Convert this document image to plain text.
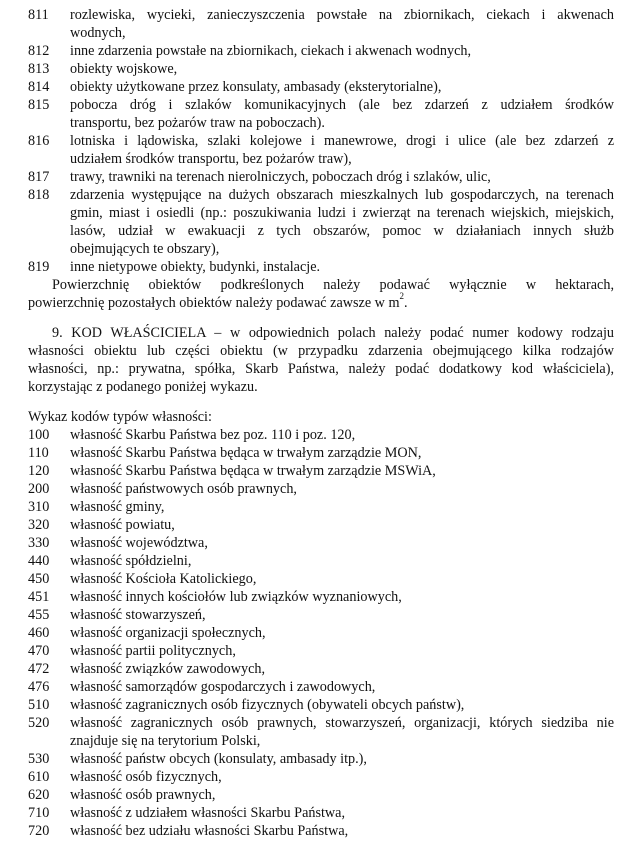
811 rozlewiska, wycieki, zanieczyszczenia powstałe na zbiornikach, ciekach i akwenach
wodnych,
812 inne zdarzenia powstałe na zbiornikach, ciekach i akwenach wodnych,
813 obiekty wojskowe,
814 obiekty użytkowane przez konsulaty, ambasady (eksterytorialne),
815 pobocza dróg i szlaków komunikacyjnych (ale bez zdarzeń z udziałem środków
transportu, bez pożarów traw na poboczach).
816 lotniska i lądowiska, szlaki kolejowe i manewrowe, drogi i ulice (ale bez zdarzeń z
udziałem środków transportu, bez pożarów traw),
817 trawy, trawniki na terenach nierolniczych, poboczach dróg i szlaków, ulic,
818 zdarzenia występujące na dużych obszarach mieszkalnych lub gospodarczych, na terenach
gmin, miast i osiedli (np.: poszukiwania ludzi i zwierząt na terenach wiejskich, miejskich,
lasów, udział w ewakuacji z tych obszarów, pomoc w działaniach innych służb
obejmujących te obszary),
819 inne nietypowe obiekty, budynki, instalacje.
Powierzchnię obiektów podkreślonych należy podawać wyłącznie w hektarach,
powierzchnię pozostałych obiektów należy podawać zawsze w $m^2$.
9. KOD WŁAŚCICIELA – w odpowiednich polach należy podać numer kodowy rodzaju
własności obiektu lub części obiektu (w przypadku zdarzenia obejmującego kilka rodzajów
własności, np.: prywatna, spółka, Skarb Państwa, należy podać dodatkowy kod właściciela),
korzystając z podanego poniżej wykazu.
Wykaz kodów typów własności:
100 własność Skarbu Państwa bez poz. 110 i poz. 120,
110 własność Skarbu Państwa będąca w trwałym zarządzie MON,
120 własność Skarbu Państwa będąca w trwałym zarządzie MSWiA,
200 własność państwowych osób prawnych,
310 własność gminy,
320 własność powiatu,
330 własność województwa,
440 własność spółdzielni,
450 własność Kościoła Katolickiego,
451 własność innych kościołów lub związków wyznaniowych,
455 własność stowarzyszeń,
460 własność organizacji społecznych,
470 własność partii politycznych,
472 własność związków zawodowych,
476 własność samorządów gospodarczych i zawodowych,
510 własność zagranicznych osób fizycznych (obywateli obcych państw),
520 własność zagranicznych osób prawnych, stowarzyszeń, organizacji, których siedziba nie
znajduje się na terytorium Polski,
530 własność państw obcych (konsulaty, ambasady itp.),
610 własność osób fizycznych,
620 własność osób prawnych,
710 własność z udziałem własności Skarbu Państwa,
720 własność bez udziału własności Skarbu Państwa,
